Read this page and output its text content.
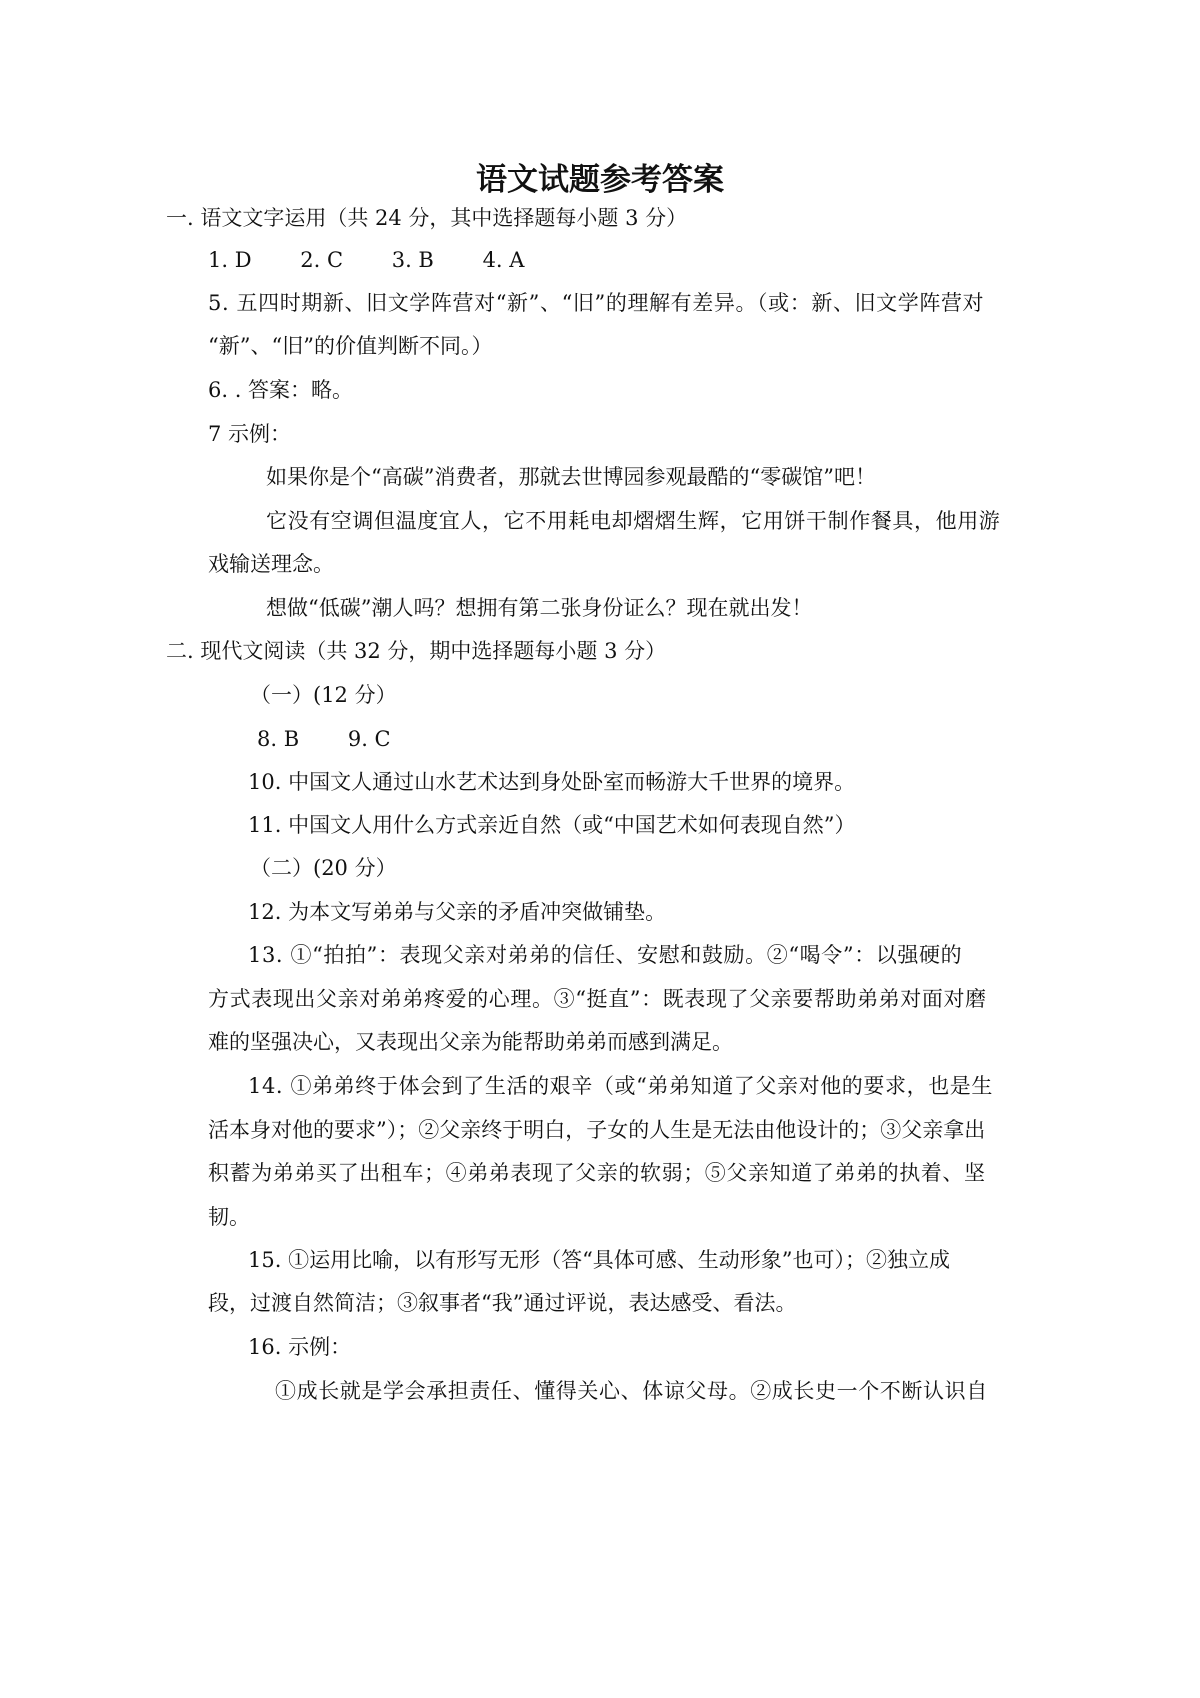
语文试题参考答案
一. 语文文字运用（共 24 分，其中选择题每小题 3 分）
1. D 2. C 3. B 4. A
5. 五四时期新、旧文学阵营对“新”、“旧”的理解有差异。（或：新、旧文学阵营对
“新”、“旧”的价值判断不同。）
6. . 答案：略。
7 示例：
如果你是个“高碳”消费者，那就去世博园参观最酷的“零碳馆”吧！
它没有空调但温度宜人，它不用耗电却熠熠生辉，它用饼干制作餐具，他用游
戏输送理念。
想做“低碳”潮人吗？想拥有第二张身份证么？现在就出发！
二. 现代文阅读（共 32 分，期中选择题每小题 3 分）
（一）(12 分）
8. B 9. C
10. 中国文人通过山水艺术达到身处卧室而畅游大千世界的境界。
11. 中国文人用什么方式亲近自然（或“中国艺术如何表现自然”）
（二）(20 分）
12. 为本文写弟弟与父亲的矛盾冲突做铺垫。
13. ①“拍拍”：表现父亲对弟弟的信任、安慰和鼓励。②“喝令”：以强硬的
方式表现出父亲对弟弟疼爱的心理。③“挺直”：既表现了父亲要帮助弟弟对面对磨
难的坚强决心，又表现出父亲为能帮助弟弟而感到满足。
14. ①弟弟终于体会到了生活的艰辛（或“弟弟知道了父亲对他的要求，也是生
活本身对他的要求”）；②父亲终于明白，子女的人生是无法由他设计的；③父亲拿出
积蓄为弟弟买了出租车；④弟弟表现了父亲的软弱；⑤父亲知道了弟弟的执着、坚
韧。
15. ①运用比喻，以有形写无形（答“具体可感、生动形象”也可）；②独立成
段，过渡自然简洁；③叙事者“我”通过评说，表达感受、看法。
16. 示例：
①成长就是学会承担责任、懂得关心、体谅父母。②成长史一个不断认识自
